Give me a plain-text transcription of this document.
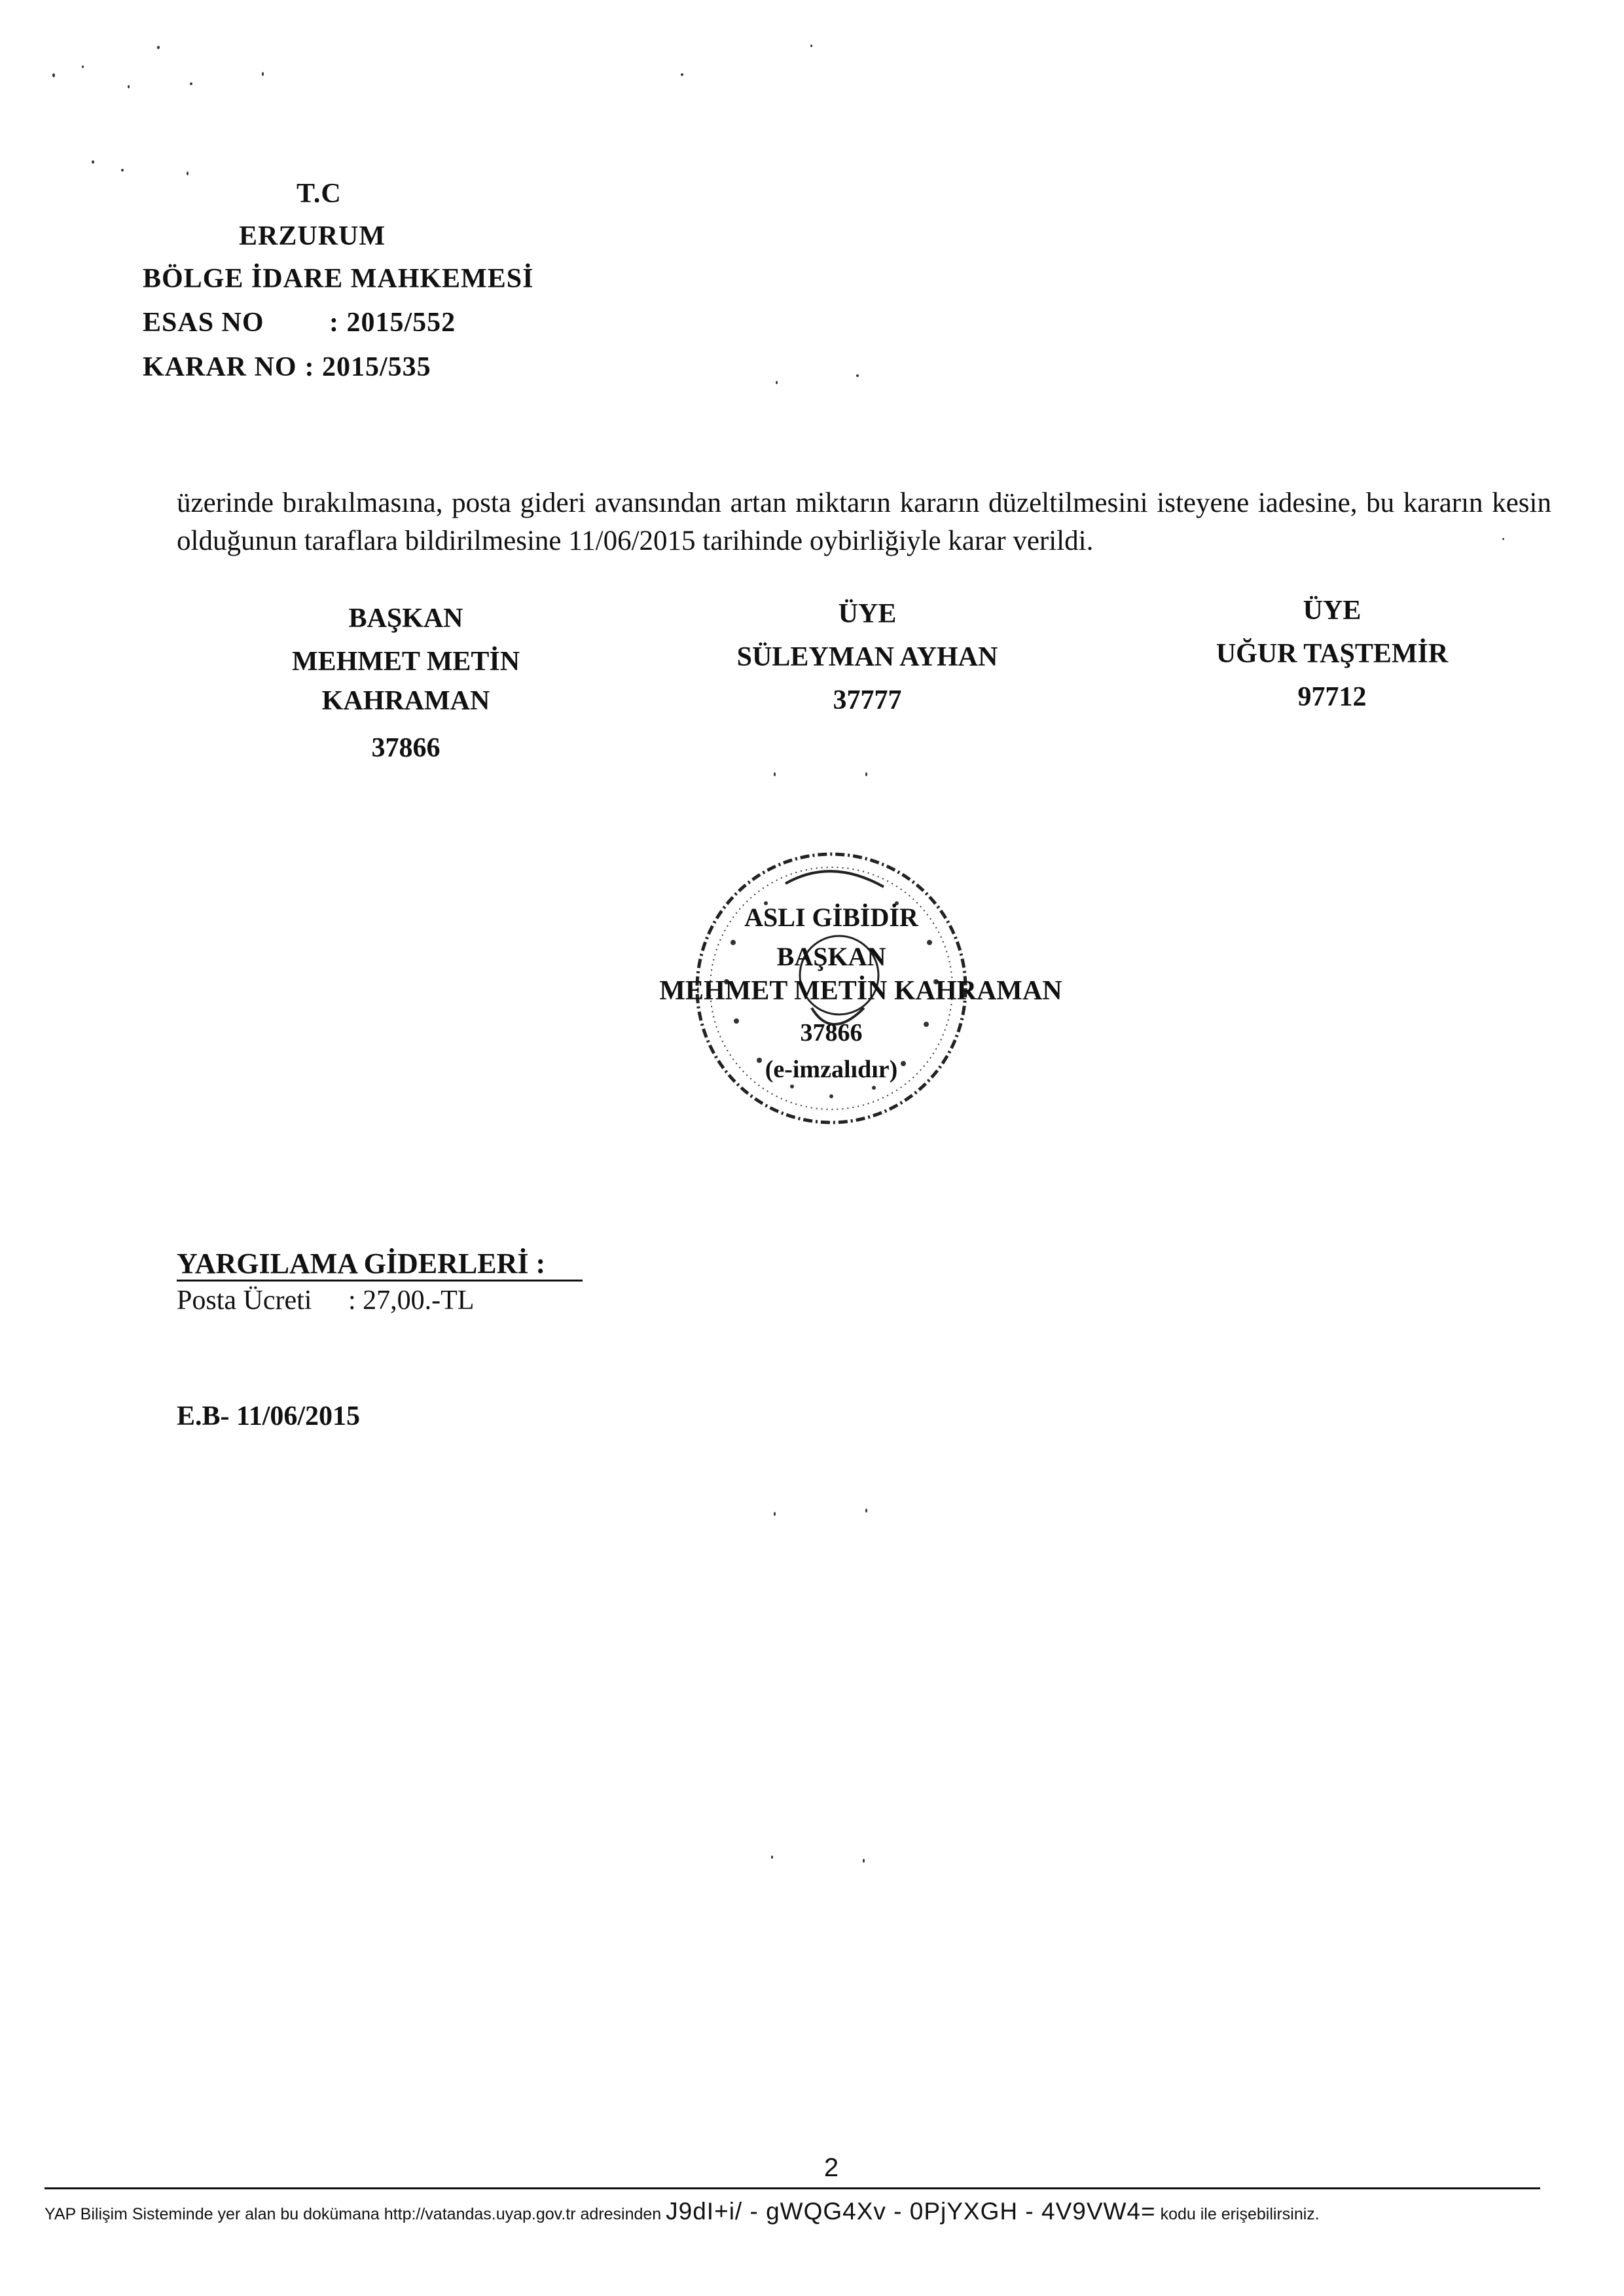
T.C
ERZURUM
BÖLGE İDARE MAHKEMESİ
ESAS NO : 2015/552
KARAR NO : 2015/535
üzerinde bırakılmasına, posta gideri avansından artan miktarın kararın düzeltilmesini isteyene iadesine, bu kararın kesin olduğunun taraflara bildirilmesine 11/06/2015 tarihinde oybirliğiyle karar verildi.
BAŞKAN
MEHMET METİN
KAHRAMAN
37866
ÜYE
SÜLEYMAN AYHAN
37777
ÜYE
UĞUR TAŞTEMİR
97712
ASLI GİBİDİR
BAŞKAN
MEHMET METİN KAHRAMAN
37866
(e-imzalıdır)
YARGILAMA GİDERLERİ :
Posta Ücreti : 27,00.-TL
E.B- 11/06/2015
2
YAP Bilişim Sisteminde yer alan bu dokümana http://vatandas.uyap.gov.tr adresinden J9dI+i/ - gWQG4Xv - 0PjYXGH - 4V9VW4= kodu ile erişebilirsiniz.
